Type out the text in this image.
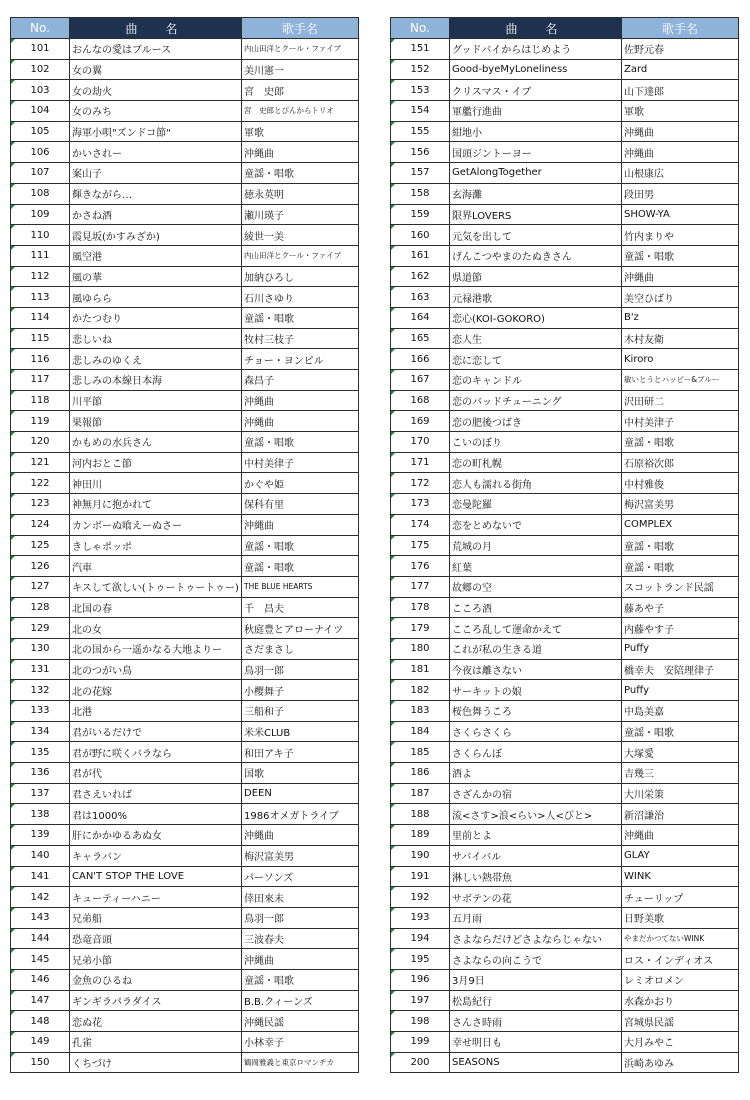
No.	曲　名	歌手名
101	おんなの愛はブルース	内山田洋とクール・ファイブ
102	女の翼	美川憲一
103	女の劫火	宮　史郎
104	女のみち	宮　史郎とぴんからトリオ
105	海軍小唄"ズンドコ節"	軍歌
106	かいされー	沖縄曲
107	案山子	童謡・唱歌
108	輝きながら…	徳永英明
109	かさね酒	瀬川瑛子
110	霞見坂(かすみざか)	綾世一美
111	風空港	内山田洋とクール・ファイブ
112	風の華	加納ひろし
113	風ゆらら	石川さゆり
114	かたつむり	童謡・唱歌
115	悲しいね	牧村三枝子
116	悲しみのゆくえ	チョー・ヨンピル
117	悲しみの本線日本海	森昌子
118	川平節	沖縄曲
119	果報節	沖縄曲
120	かもめの水兵さん	童謡・唱歌
121	河内おとこ節	中村美律子
122	神田川	かぐや姫
123	神無月に抱かれて	保科有里
124	カンボーぬ喰えーぬさー	沖縄曲
125	きしゃポッポ	童謡・唱歌
126	汽車	童謡・唱歌
127	キスして欲しい(トゥートゥートゥー)	THE BLUE HEARTS
128	北国の春	千　昌夫
129	北の女	秋庭豊とアローナイツ
130	北の国から一遥かなる大地よりー	さだまさし
131	北のつがい鳥	鳥羽一郎
132	北の花嫁	小樱舞子
133	北港	三船和子
134	君がいるだけで	米米CLUB
135	君が野に咲くバラなら	和田アキ子
136	君が代	国歌
137	君さえいれば	DEEN
138	君は1000%	1986オメガトライブ
139	肝にかかゆるあぬ女	沖縄曲
140	キャラバン	梅沢富美男
141	CAN'T STOP THE LOVE	パーソンズ
142	キューティーハニー	倖田來未
143	兄弟船	鳥羽一郎
144	恐竜音頭	三波春夫
145	兄弟小節	沖縄曲
146	金魚のひるね	童謡・唱歌
147	ギンギラパラダイス	B.B.クィーンズ
148	恋ぬ花	沖縄民謡
149	孔雀	小林幸子
150	くちづけ	鶴岡雅義と東京ロマンチカ
No.	曲　名	歌手名
151	グッドバイからはじめよう	佐野元春
152	Good-byeMyLoneliness	Zard
153	クリスマス・イブ	山下達郎
154	軍艦行進曲	軍歌
155	紺地小	沖縄曲
156	国頭ジントーヨー	沖縄曲
157	GetAlongTogether	山根康広
158	玄海灘	段田男
159	限界LOVERS	SHOW-YA
160	元気を出して	竹内まりや
161	げんこつやまのたぬきさん	童謡・唱歌
162	県道節	沖縄曲
163	元禄港歌	美空ひばり
164	恋心(KOI-GOKORO)	B'z
165	恋人生	木村友衛
166	恋に恋して	Kiroro
167	恋のキャンドル	敏いとうとハッピー&ブルー
168	恋のバッドチューニング	沢田研二
169	恋の肥後つばき	中村美津子
170	こいのぼり	童謡・唱歌
171	恋の町札幌	石原裕次郎
172	恋人も濡れる街角	中村雅俊
173	恋曼陀羅	梅沢富美男
174	恋をとめないで	COMPLEX
175	荒城の月	童謡・唱歌
176	紅葉	童謡・唱歌
177	故郷の空	スコットランド民謡
178	こころ酒	藤あや子
179	こころ乱して運命かえて	内藤やす子
180	これが私の生きる道	Puffy
181	今夜は離さない	橋幸夫　安陪理律子
182	サーキットの娘	Puffy
183	桜色舞うころ	中島美嘉
184	さくらさくら	童謡・唱歌
185	さくらんぼ	大塚愛
186	酒よ	吉幾三
187	さざんかの宿	大川栄策
188	流<さす>浪<らい>人<びと>	新沼謙治
189	里前とよ	沖縄曲
190	サバイバル	GLAY
191	淋しい熱帯魚	WINK
192	サボテンの花	チューリップ
193	五月雨	日野美歌
194	さよならだけどさよならじゃない	やまだかつてないWINK
195	さよならの向こうで	ロス・インディオス
196	3月9日	レミオロメン
197	松島紀行	水森かおり
198	さんさ時雨	宮城県民謡
199	幸せ明日も	大月みやこ
200	SEASONS	浜崎あゆみ
